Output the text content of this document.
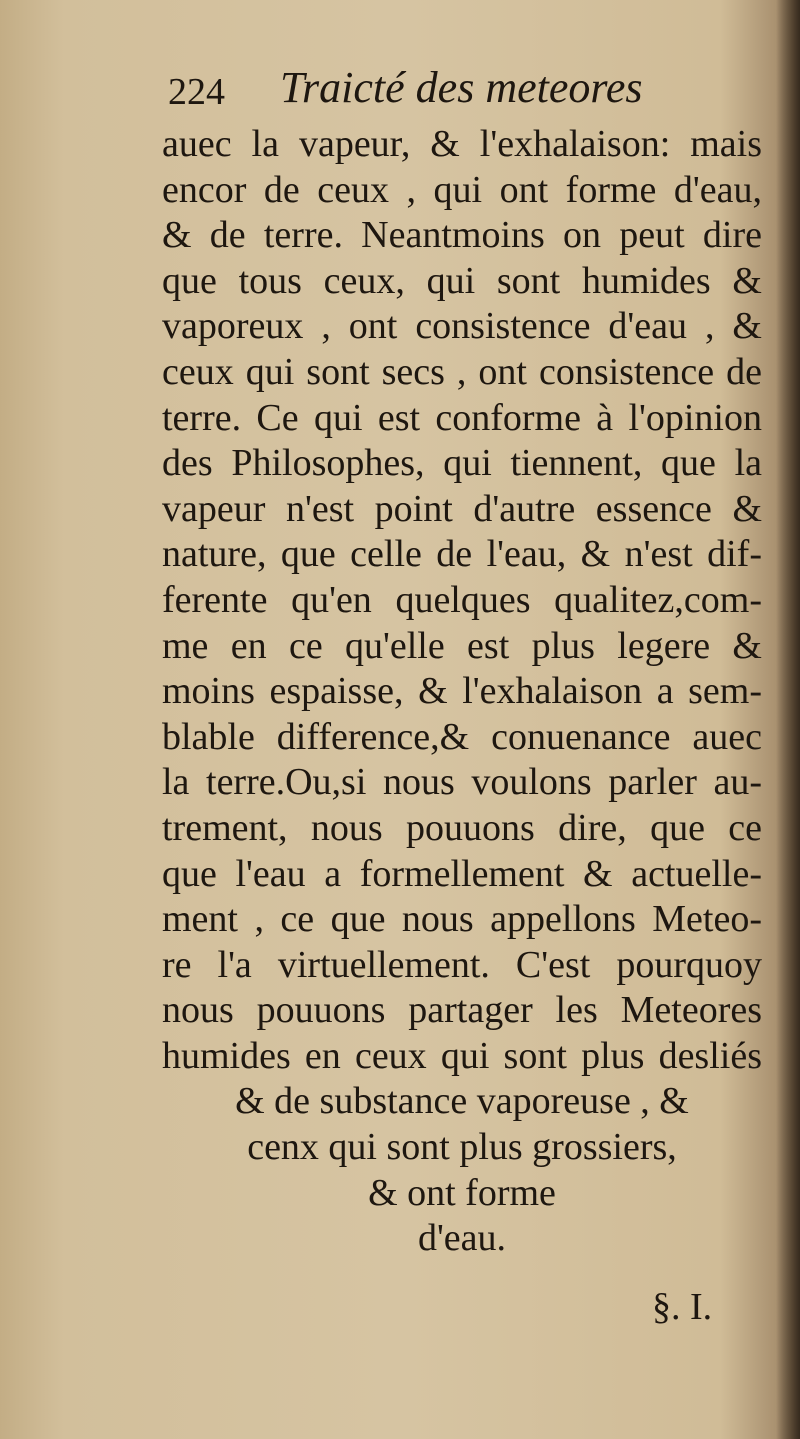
224 Traicté des meteores
auec la vapeur, & l'exhalaison: mais
encor de ceux , qui ont forme d'eau,
& de terre. Neantmoins on peut dire
que tous ceux, qui sont humides &
vaporeux , ont consistence d'eau , &
ceux qui sont secs , ont consistence de
terre. Ce qui est conforme à l'opinion
des Philosophes, qui tiennent, que la
vapeur n'est point d'autre essence &
nature, que celle de l'eau, & n'est dif-
ferente qu'en quelques qualitez,com-
me en ce qu'elle est plus legere &
moins espaisse, & l'exhalaison a sem-
blable difference,& conuenance auec
la terre.Ou,si nous voulons parler au-
trement, nous pouuons dire, que ce
que l'eau a formellement & actuelle-
ment , ce que nous appellons Meteo-
re l'a virtuellement. C'est pourquoy
nous pouuons partager les Meteores
humides en ceux qui sont plus desliés
& de substance vaporeuse , &
cenx qui sont plus grossiers,
& ont forme
d'eau.
§. I.
